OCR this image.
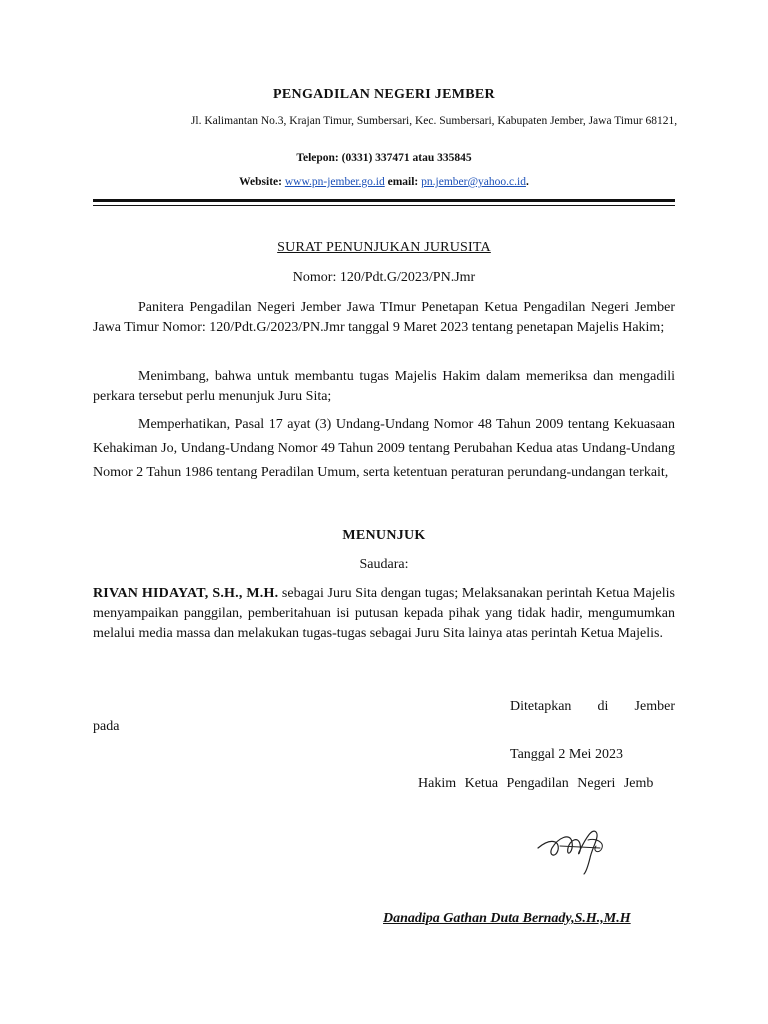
PENGADILAN NEGERI JEMBER
Jl. Kalimantan No.3, Krajan Timur, Sumbersari, Kec. Sumbersari, Kabupaten Jember, Jawa Timur 68121,
Telepon: (0331) 337471 atau 335845
Website: www.pn-jember.go.id email: pn.jember@yahoo.c.id.
SURAT PENUNJUKAN JURUSITA
Nomor: 120/Pdt.G/2023/PN.Jmr
Panitera Pengadilan Negeri Jember Jawa TImur Penetapan Ketua Pengadilan Negeri Jember Jawa Timur Nomor: 120/Pdt.G/2023/PN.Jmr tanggal 9 Maret 2023 tentang penetapan Majelis Hakim;
Menimbang, bahwa untuk membantu tugas Majelis Hakim dalam memeriksa dan mengadili perkara tersebut perlu menunjuk Juru Sita;
Memperhatikan, Pasal 17 ayat (3) Undang-Undang Nomor 48 Tahun 2009 tentang Kekuasaan Kehakiman Jo, Undang-Undang Nomor 49 Tahun 2009 tentang Perubahan Kedua atas Undang-Undang Nomor 2 Tahun 1986 tentang Peradilan Umum, serta ketentuan peraturan perundang-undangan terkait,
MENUNJUK
Saudara:
RIVAN HIDAYAT, S.H., M.H. sebagai Juru Sita dengan tugas; Melaksanakan perintah Ketua Majelis menyampaikan panggilan, pemberitahuan isi putusan kepada pihak yang tidak hadir, mengumumkan melalui media massa dan melakukan tugas-tugas sebagai Juru Sita lainya atas perintah Ketua Majelis.
Ditetapkan di Jember
pada
Tanggal 2 Mei 2023
Hakim Ketua Pengadilan Negeri Jemb
Danadipa Gathan Duta Bernady,S.H.,M.H
